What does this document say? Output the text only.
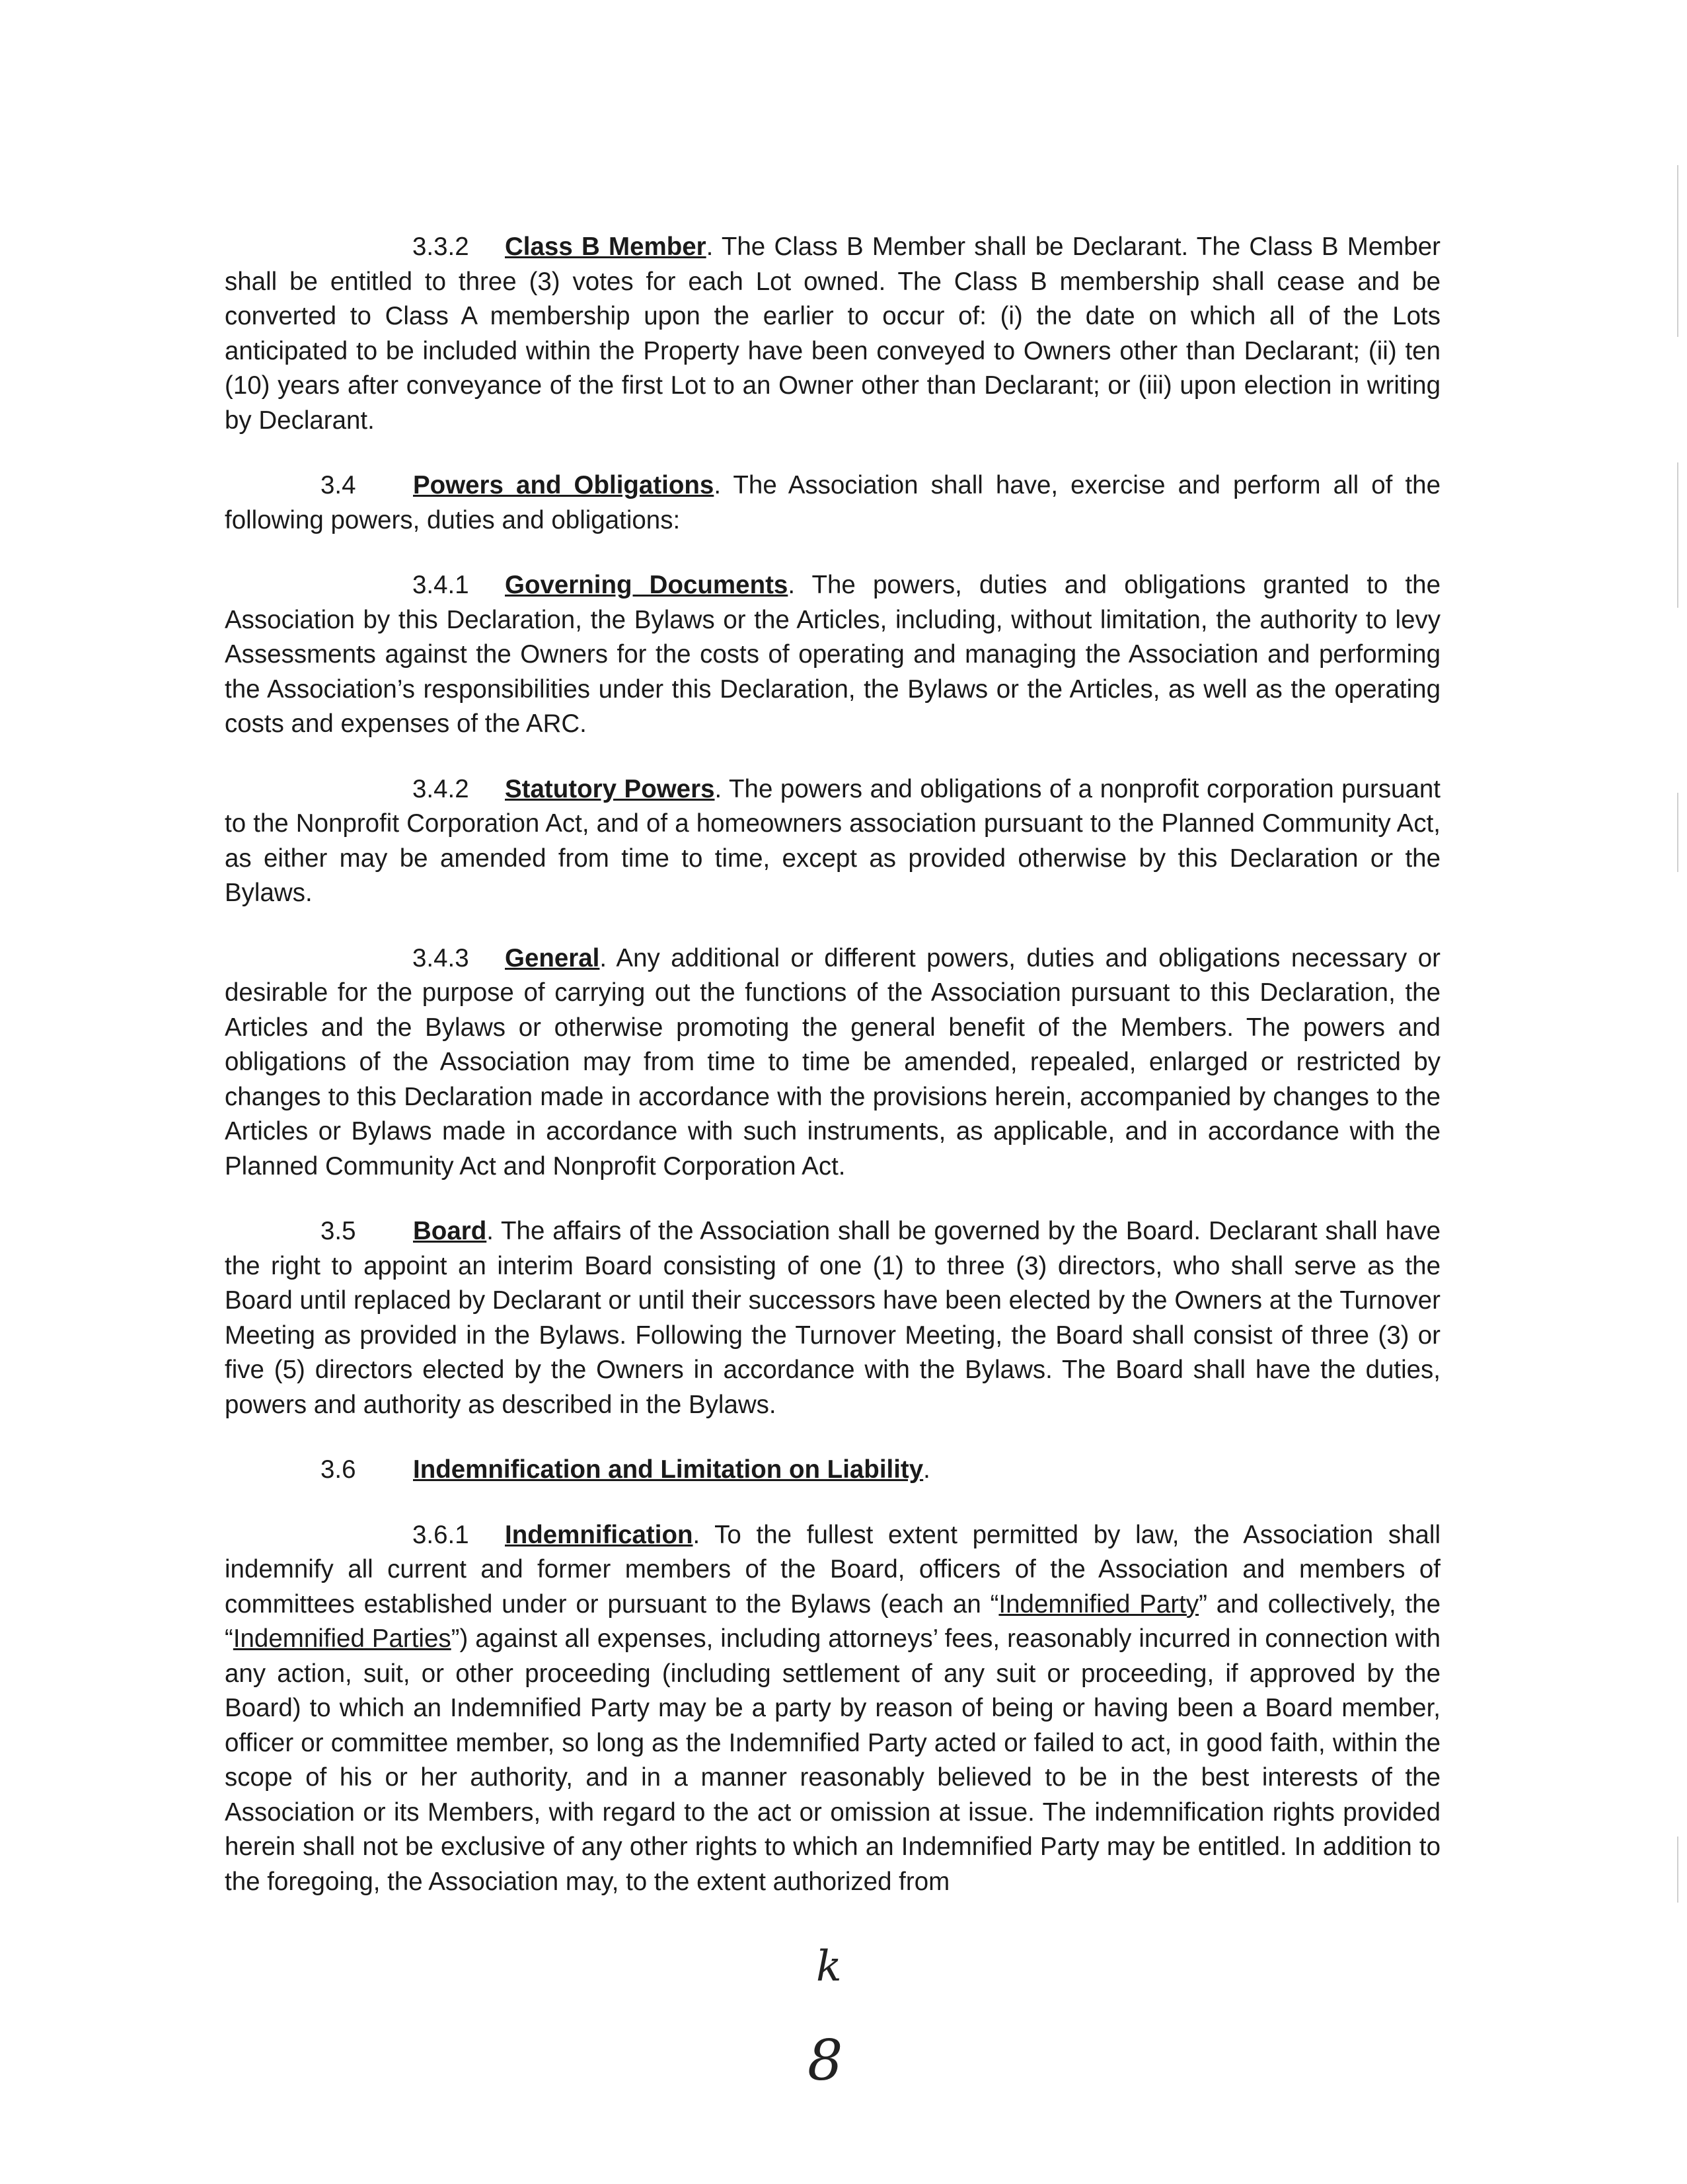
3.3.2 Class B Member. The Class B Member shall be Declarant. The Class B Member shall be entitled to three (3) votes for each Lot owned. The Class B membership shall cease and be converted to Class A membership upon the earlier to occur of: (i) the date on which all of the Lots anticipated to be included within the Property have been conveyed to Owners other than Declarant; (ii) ten (10) years after conveyance of the first Lot to an Owner other than Declarant; or (iii) upon election in writing by Declarant.

3.4 Powers and Obligations. The Association shall have, exercise and perform all of the following powers, duties and obligations:

3.4.1 Governing Documents. The powers, duties and obligations granted to the Association by this Declaration, the Bylaws or the Articles, including, without limitation, the authority to levy Assessments against the Owners for the costs of operating and managing the Association and performing the Association’s responsibilities under this Declaration, the Bylaws or the Articles, as well as the operating costs and expenses of the ARC.

3.4.2 Statutory Powers. The powers and obligations of a nonprofit corporation pursuant to the Nonprofit Corporation Act, and of a homeowners association pursuant to the Planned Community Act, as either may be amended from time to time, except as provided otherwise by this Declaration or the Bylaws.

3.4.3 General. Any additional or different powers, duties and obligations necessary or desirable for the purpose of carrying out the functions of the Association pursuant to this Declaration, the Articles and the Bylaws or otherwise promoting the general benefit of the Members. The powers and obligations of the Association may from time to time be amended, repealed, enlarged or restricted by changes to this Declaration made in accordance with the provisions herein, accompanied by changes to the Articles or Bylaws made in accordance with such instruments, as applicable, and in accordance with the Planned Community Act and Nonprofit Corporation Act.

3.5 Board. The affairs of the Association shall be governed by the Board. Declarant shall have the right to appoint an interim Board consisting of one (1) to three (3) directors, who shall serve as the Board until replaced by Declarant or until their successors have been elected by the Owners at the Turnover Meeting as provided in the Bylaws. Following the Turnover Meeting, the Board shall consist of three (3) or five (5) directors elected by the Owners in accordance with the Bylaws. The Board shall have the duties, powers and authority as described in the Bylaws.

3.6 Indemnification and Limitation on Liability.

3.6.1 Indemnification. To the fullest extent permitted by law, the Association shall indemnify all current and former members of the Board, officers of the Association and members of committees established under or pursuant to the Bylaws (each an “Indemnified Party” and collectively, the “Indemnified Parties”) against all expenses, including attorneys’ fees, reasonably incurred in connection with any action, suit, or other proceeding (including settlement of any suit or proceeding, if approved by the Board) to which an Indemnified Party may be a party by reason of being or having been a Board member, officer or committee member, so long as the Indemnified Party acted or failed to act, in good faith, within the scope of his or her authority, and in a manner reasonably believed to be in the best interests of the Association or its Members, with regard to the act or omission at issue. The indemnification rights provided herein shall not be exclusive of any other rights to which an Indemnified Party may be entitled. In addition to the foregoing, the Association may, to the extent authorized from

k
8
